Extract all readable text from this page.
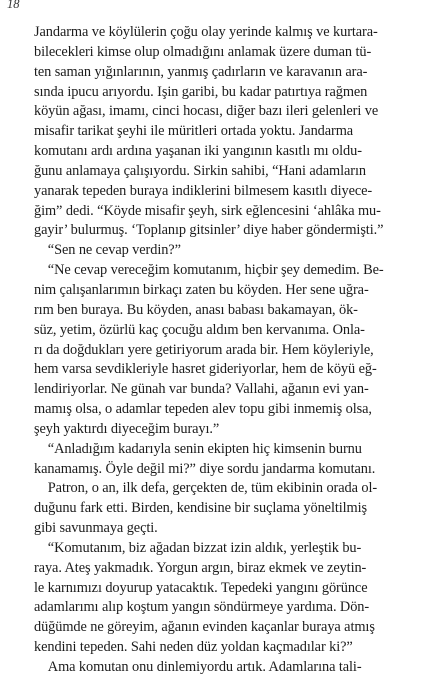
18
Jandarma ve köylülerin çoğu olay yerinde kalmış ve kurtara-
bilecekleri kimse olup olmadığını anlamak üzere duman tü-
ten saman yığınlarının, yanmış çadırların ve karavanın ara-
sında ipucu arıyordu. Işin garibi, bu kadar patırtıya rağmen
köyün ağası, imamı, cinci hocası, diğer bazı ileri gelenleri ve
misafir tarikat şeyhi ile müritleri ortada yoktu. Jandarma
komutanı ardı ardına yaşanan iki yangının kasıtlı mı oldu-
ğunu anlamaya çalışıyordu. Sirkin sahibi, “Hani adamların
yanarak tepeden buraya indiklerini bilmesem kasıtlı diyece-
ğim” dedi. “Köyde misafir şeyh, sirk eğlencesini ‘ahlâka mu-
gayir’ bulurmuş. ‘Toplanıp gitsinler’ diye haber göndermişti.”
“Sen ne cevap verdin?”
“Ne cevap vereceğim komutanım, hiçbir şey demedim. Be-
nim çalışanlarımın birkaçı zaten bu köyden. Her sene uğra-
rım ben buraya. Bu köyden, anası babası bakamayan, ök-
süz, yetim, özürlü kaç çocuğu aldım ben kervanıma. Onla-
rı da doğdukları yere getiriyorum arada bir. Hem köyleriyle,
hem varsa sevdikleriyle hasret gideriyorlar, hem de köyü eğ-
lendiriyorlar. Ne günah var bunda? Vallahi, ağanın evi yan-
mamış olsa, o adamlar tepeden alev topu gibi inmemiş olsa,
şeyh yaktırdı diyeceğim burayı.”
“Anladığım kadarıyla senin ekipten hiç kimsenin burnu
kanamamış. Öyle değil mi?” diye sordu jandarma komutanı.
Patron, o an, ilk defa, gerçekten de, tüm ekibinin orada ol-
duğunu fark etti. Birden, kendisine bir suçlama yöneltilmiş
gibi savunmaya geçti.
“Komutanım, biz ağadan bizzat izin aldık, yerleştik bu-
raya. Ateş yakmadık. Yorgun argın, biraz ekmek ve zeytin-
le karnımızı doyurup yatacaktık. Tepedeki yangını görünce
adamlarımı alıp koştum yangın söndürmeye yardıma. Dön-
düğümde ne göreyim, ağanın evinden kaçanlar buraya atmış
kendini tepeden. Sahi neden düz yoldan kaçmadılar ki?”
Ama komutan onu dinlemiyordu artık. Adamlarına tali-
